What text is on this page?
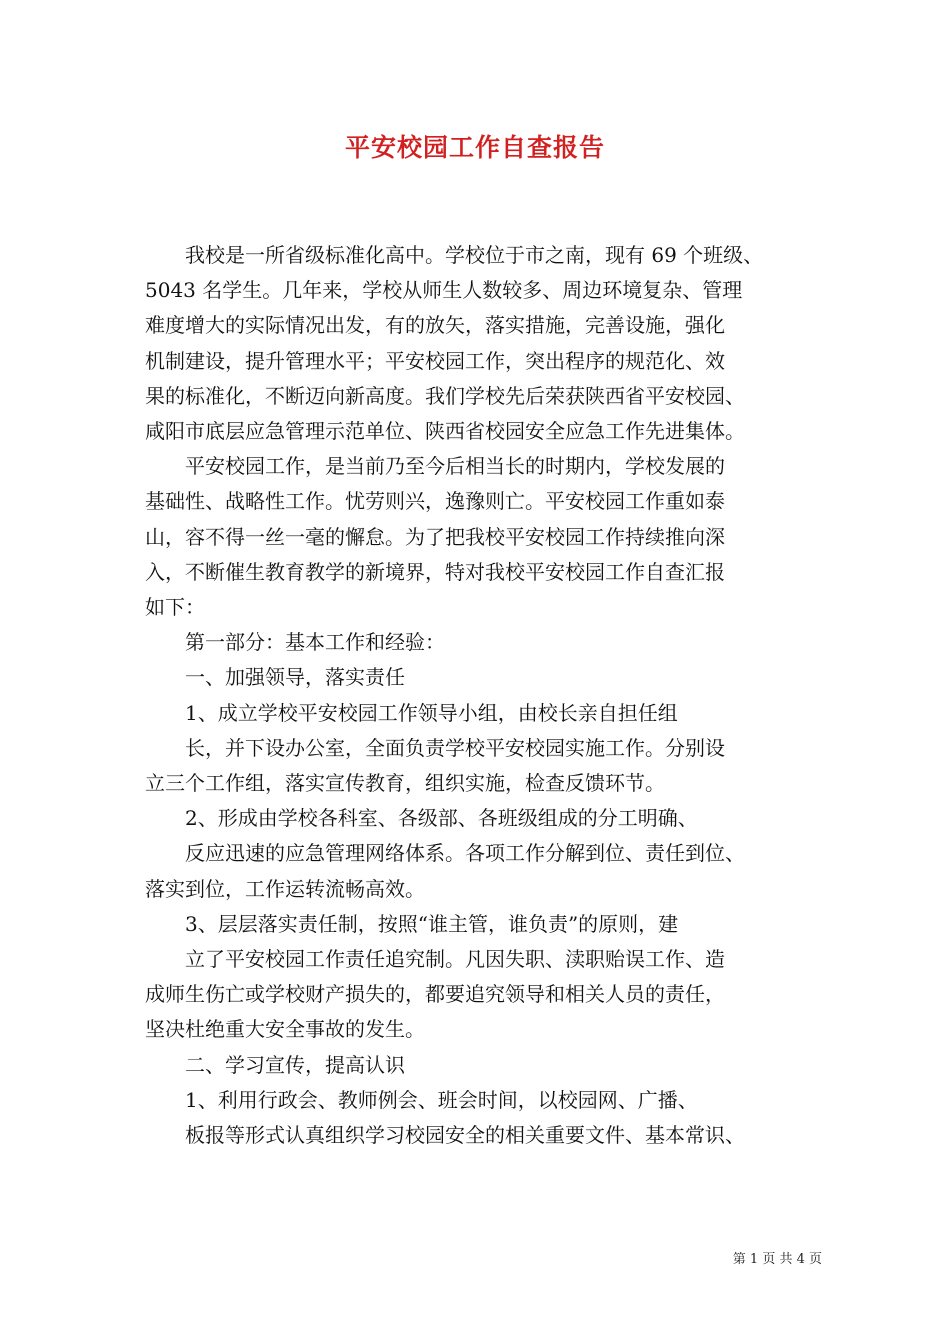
平安校园工作自查报告

　　我校是一所省级标准化高中。学校位于市之南，现有 69 个班级、

5043 名学生。几年来，学校从师生人数较多、周边环境复杂、管理

难度增大的实际情况出发，有的放矢，落实措施，完善设施，强化

机制建设，提升管理水平；平安校园工作，突出程序的规范化、效

果的标准化，不断迈向新高度。我们学校先后荣获陕西省平安校园、

咸阳市底层应急管理示范单位、陕西省校园安全应急工作先进集体。

　　平安校园工作，是当前乃至今后相当长的时期内，学校发展的

基础性、战略性工作。忧劳则兴，逸豫则亡。平安校园工作重如泰

山，容不得一丝一毫的懈怠。为了把我校平安校园工作持续推向深

入，不断催生教育教学的新境界，特对我校平安校园工作自查汇报

如下：

　　第一部分：基本工作和经验：

　　一、加强领导，落实责任

　　1、成立学校平安校园工作领导小组，由校长亲自担任组

　　长，并下设办公室，全面负责学校平安校园实施工作。分别设

立三个工作组，落实宣传教育，组织实施，检查反馈环节。

　　2、形成由学校各科室、各级部、各班级组成的分工明确、

　　反应迅速的应急管理网络体系。各项工作分解到位、责任到位、

落实到位，工作运转流畅高效。

　　3、层层落实责任制，按照“谁主管，谁负责”的原则，建

　　立了平安校园工作责任追究制。凡因失职、渎职贻误工作、造

成师生伤亡或学校财产损失的，都要追究领导和相关人员的责任，

坚决杜绝重大安全事故的发生。

　　二、学习宣传，提高认识

　　1、利用行政会、教师例会、班会时间，以校园网、广播、

　　板报等形式认真组织学习校园安全的相关重要文件、基本常识、

第 1 页 共 4 页
